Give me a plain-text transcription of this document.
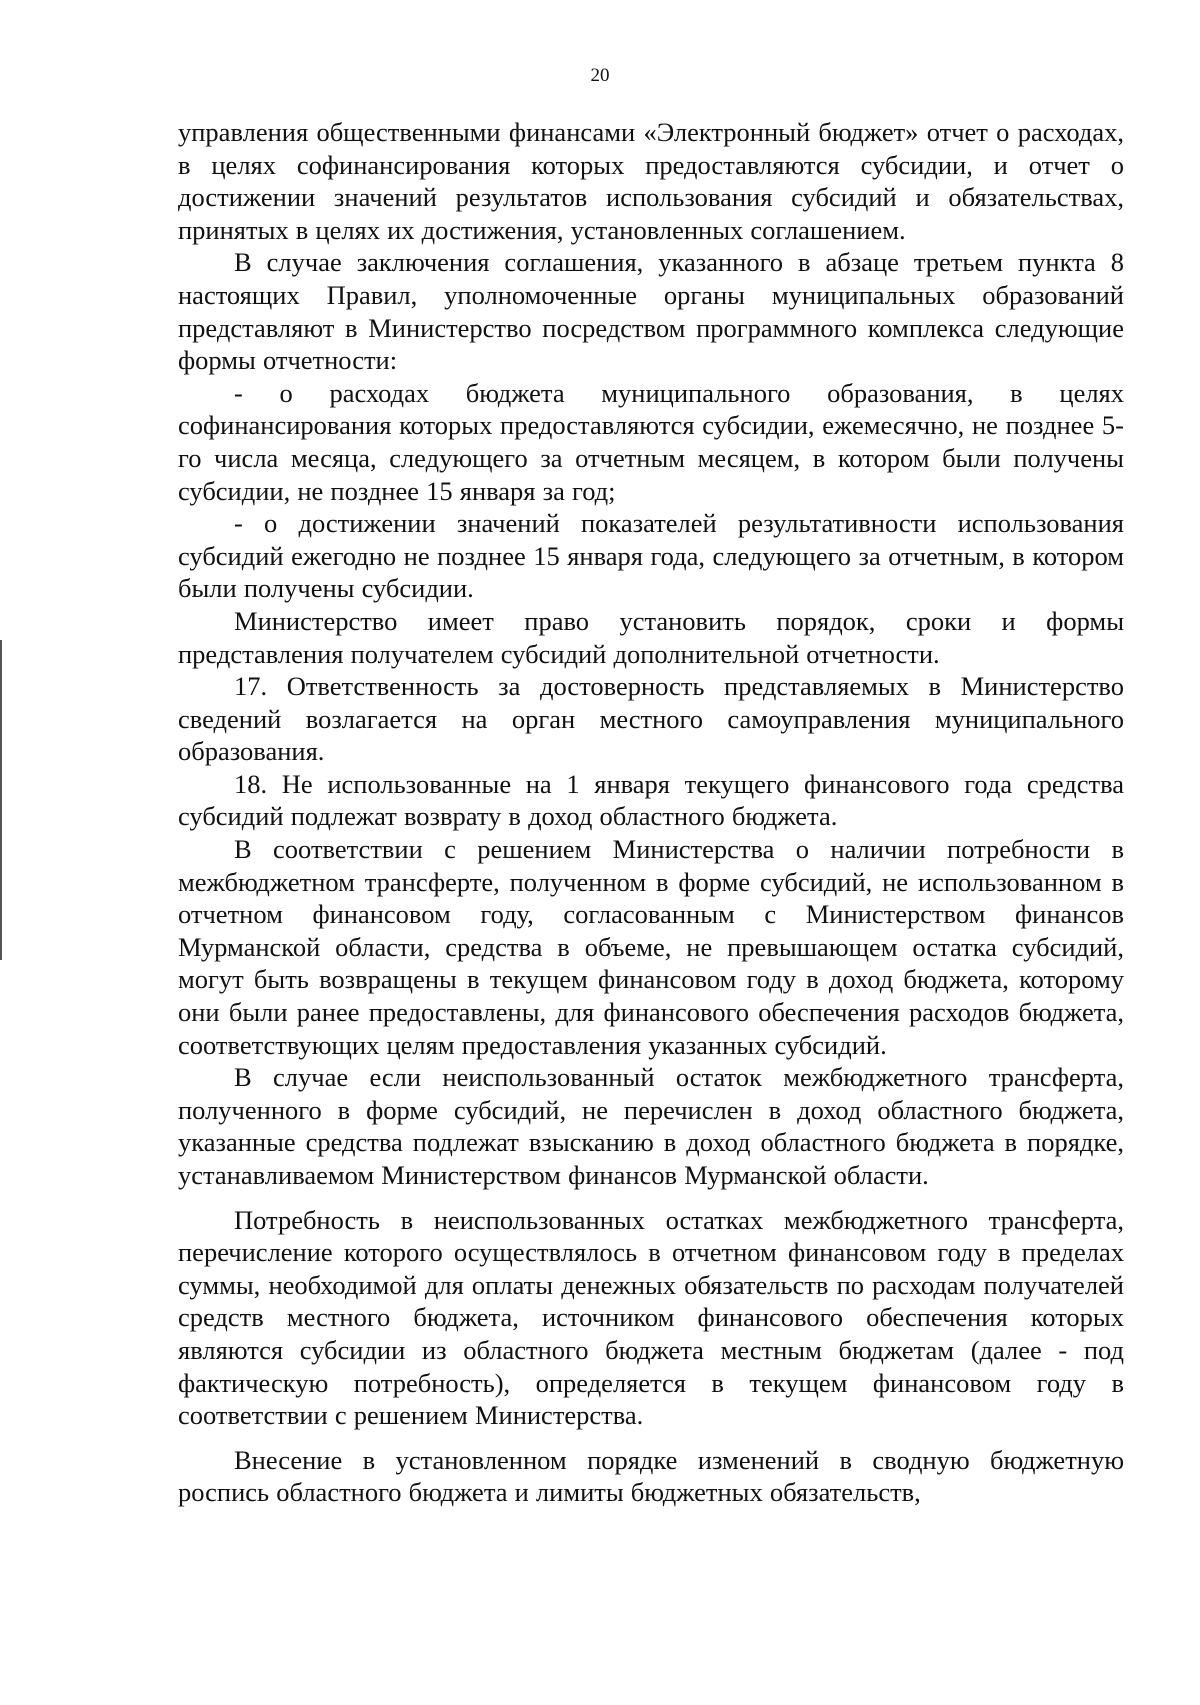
20

управления общественными финансами «Электронный бюджет» отчет о расходах, в целях софинансирования которых предоставляются субсидии, и отчет о достижении значений результатов использования субсидий и обязательствах, принятых в целях их достижения, установленных соглашением.

В случае заключения соглашения, указанного в абзаце третьем пункта 8 настоящих Правил, уполномоченные органы муниципальных образований представляют в Министерство посредством программного комплекса следующие формы отчетности:

- о расходах бюджета муниципального образования, в целях софинансирования которых предоставляются субсидии, ежемесячно, не позднее 5-го числа месяца, следующего за отчетным месяцем, в котором были получены субсидии, не позднее 15 января за год;

- о достижении значений показателей результативности использования субсидий ежегодно не позднее 15 января года, следующего за отчетным, в котором были получены субсидии.

Министерство имеет право установить порядок, сроки и формы представления получателем субсидий дополнительной отчетности.

17. Ответственность за достоверность представляемых в Министерство сведений возлагается на орган местного самоуправления муниципального образования.

18. Не использованные на 1 января текущего финансового года средства субсидий подлежат возврату в доход областного бюджета.

В соответствии с решением Министерства о наличии потребности в межбюджетном трансферте, полученном в форме субсидий, не использованном в отчетном финансовом году, согласованным с Министерством финансов Мурманской области, средства в объеме, не превышающем остатка субсидий, могут быть возвращены в текущем финансовом году в доход бюджета, которому они были ранее предоставлены, для финансового обеспечения расходов бюджета, соответствующих целям предоставления указанных субсидий.

В случае если неиспользованный остаток межбюджетного трансферта, полученного в форме субсидий, не перечислен в доход областного бюджета, указанные средства подлежат взысканию в доход областного бюджета в порядке, устанавливаемом Министерством финансов Мурманской области.

Потребность в неиспользованных остатках межбюджетного трансферта, перечисление которого осуществлялось в отчетном финансовом году в пределах суммы, необходимой для оплаты денежных обязательств по расходам получателей средств местного бюджета, источником финансового обеспечения которых являются субсидии из областного бюджета местным бюджетам (далее - под фактическую потребность), определяется в текущем финансовом году в соответствии с решением Министерства.

Внесение в установленном порядке изменений в сводную бюджетную роспись областного бюджета и лимиты бюджетных обязательств,
